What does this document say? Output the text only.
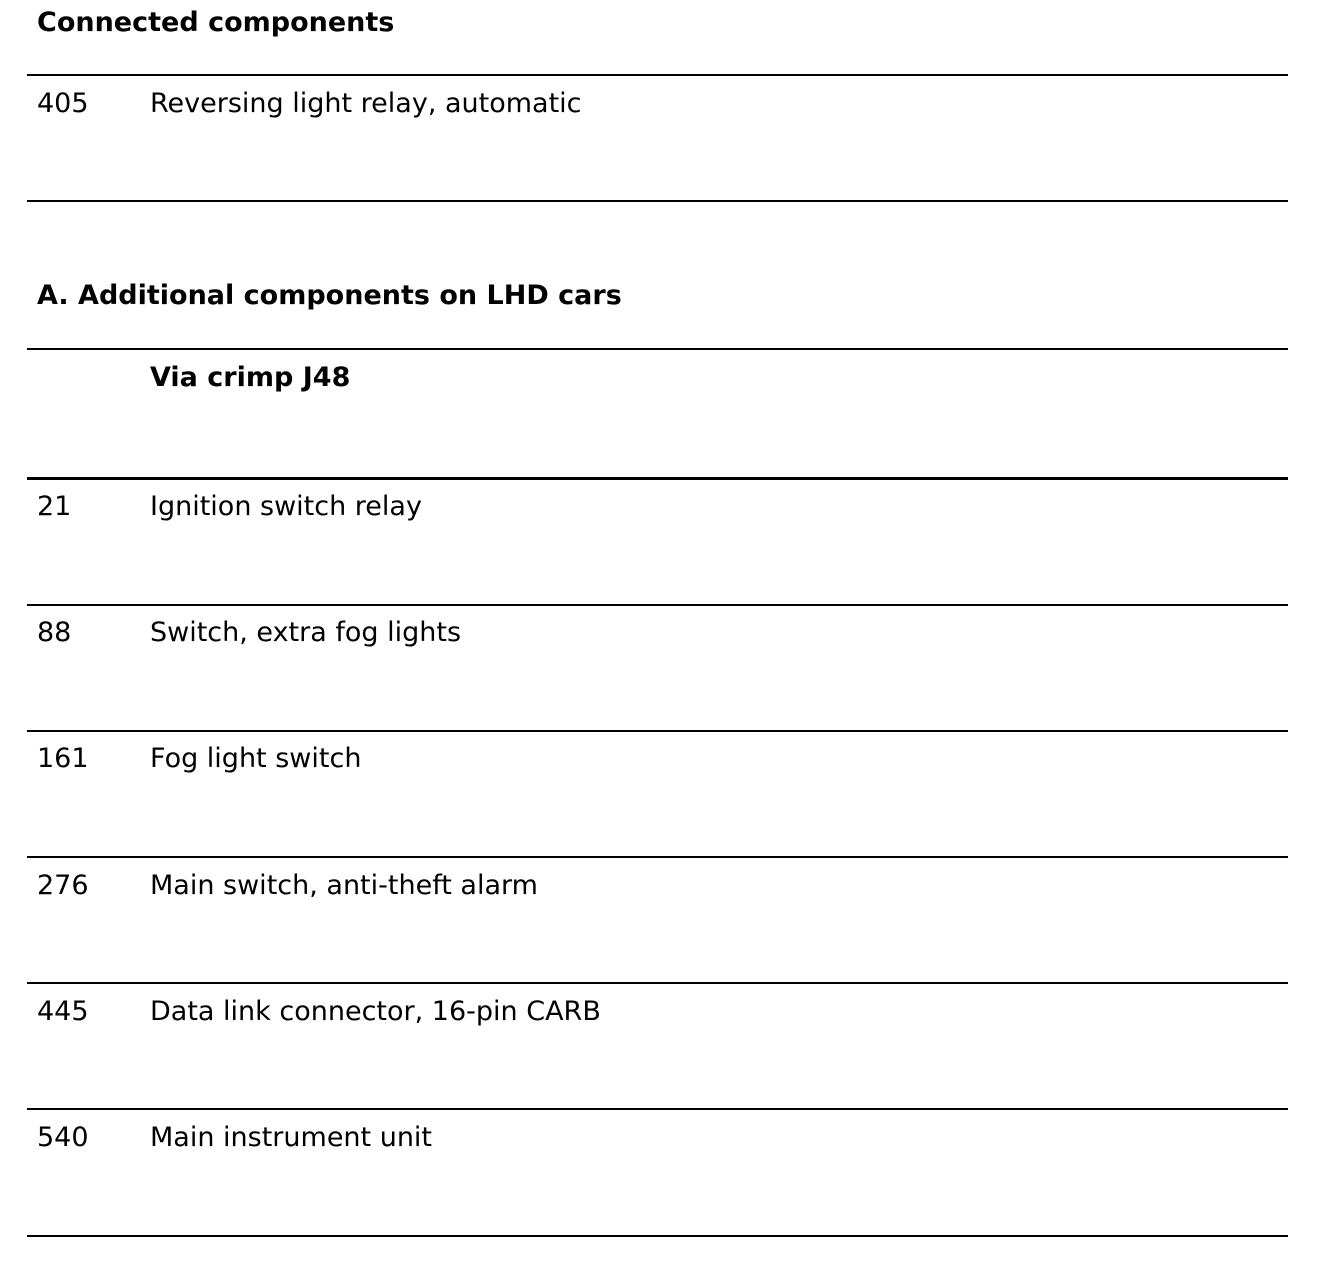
Connected components
405 Reversing light relay, automatic
A. Additional components on LHD cars
Via crimp J48
21	Ignition switch relay
88	Switch, extra fog lights
161 Fog light switch
276 Main switch, anti-theft alarm
445 Data link connector, 16-pin CARB
540 Main instrument unit
